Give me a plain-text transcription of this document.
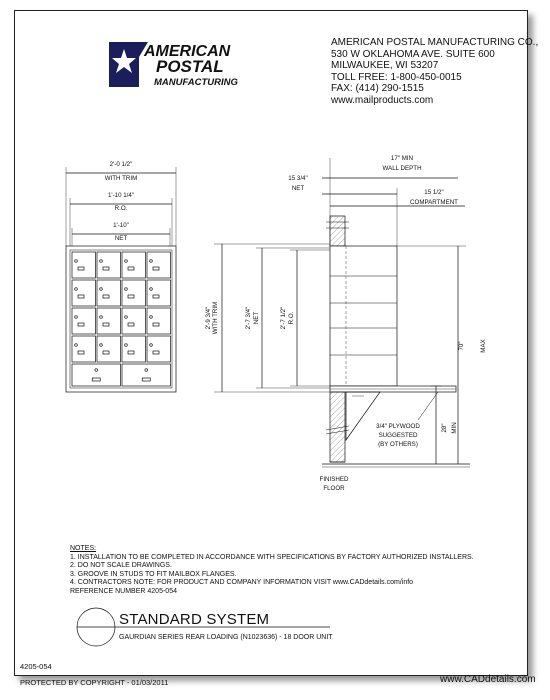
AMERICAN
POSTAL
MANUFACTURING
AMERICAN POSTAL MANUFACTURING CO.,
530 W OKLAHOMA AVE. SUITE 600
MILWAUKEE, WI 53207
TOLL FREE: 1-800-450-0015
FAX: (414) 290-1515
www.mailproducts.com
2'-0 1/2"
WITH TRIM
1'-10 1/4"
R.O.
1'-10"
NET
2'-9 3/4" WITH TRIM	2'-7 3/4" NET	2'-7 1/2" R.O.
17" MIN
WALL DEPTH
15 3/4"
NET
15 1/2"
COMPARTMENT
70" MAX
28" MIN
3/4" PLYWOOD
SUGGESTED
(BY OTHERS)
FINISHED
FLOOR
NOTES:
1. INSTALLATION TO BE COMPLETED IN ACCORDANCE WITH SPECIFICATIONS BY FACTORY AUTHORIZED INSTALLERS.
2. DO NOT SCALE DRAWINGS.
3. GROOVE IN STUDS TO FIT MAILBOX FLANGES.
4. CONTRACTORS NOTE: FOR PRODUCT AND COMPANY INFORMATION VISIT www.CADdetails.com/info
REFERENCE NUMBER 4205-054
STANDARD SYSTEM
GAURDIAN SERIES REAR LOADING (N1023636) - 18 DOOR UNIT
4205-054
PROTECTED BY COPYRIGHT - 01/03/2011	www.CADdetails.com
